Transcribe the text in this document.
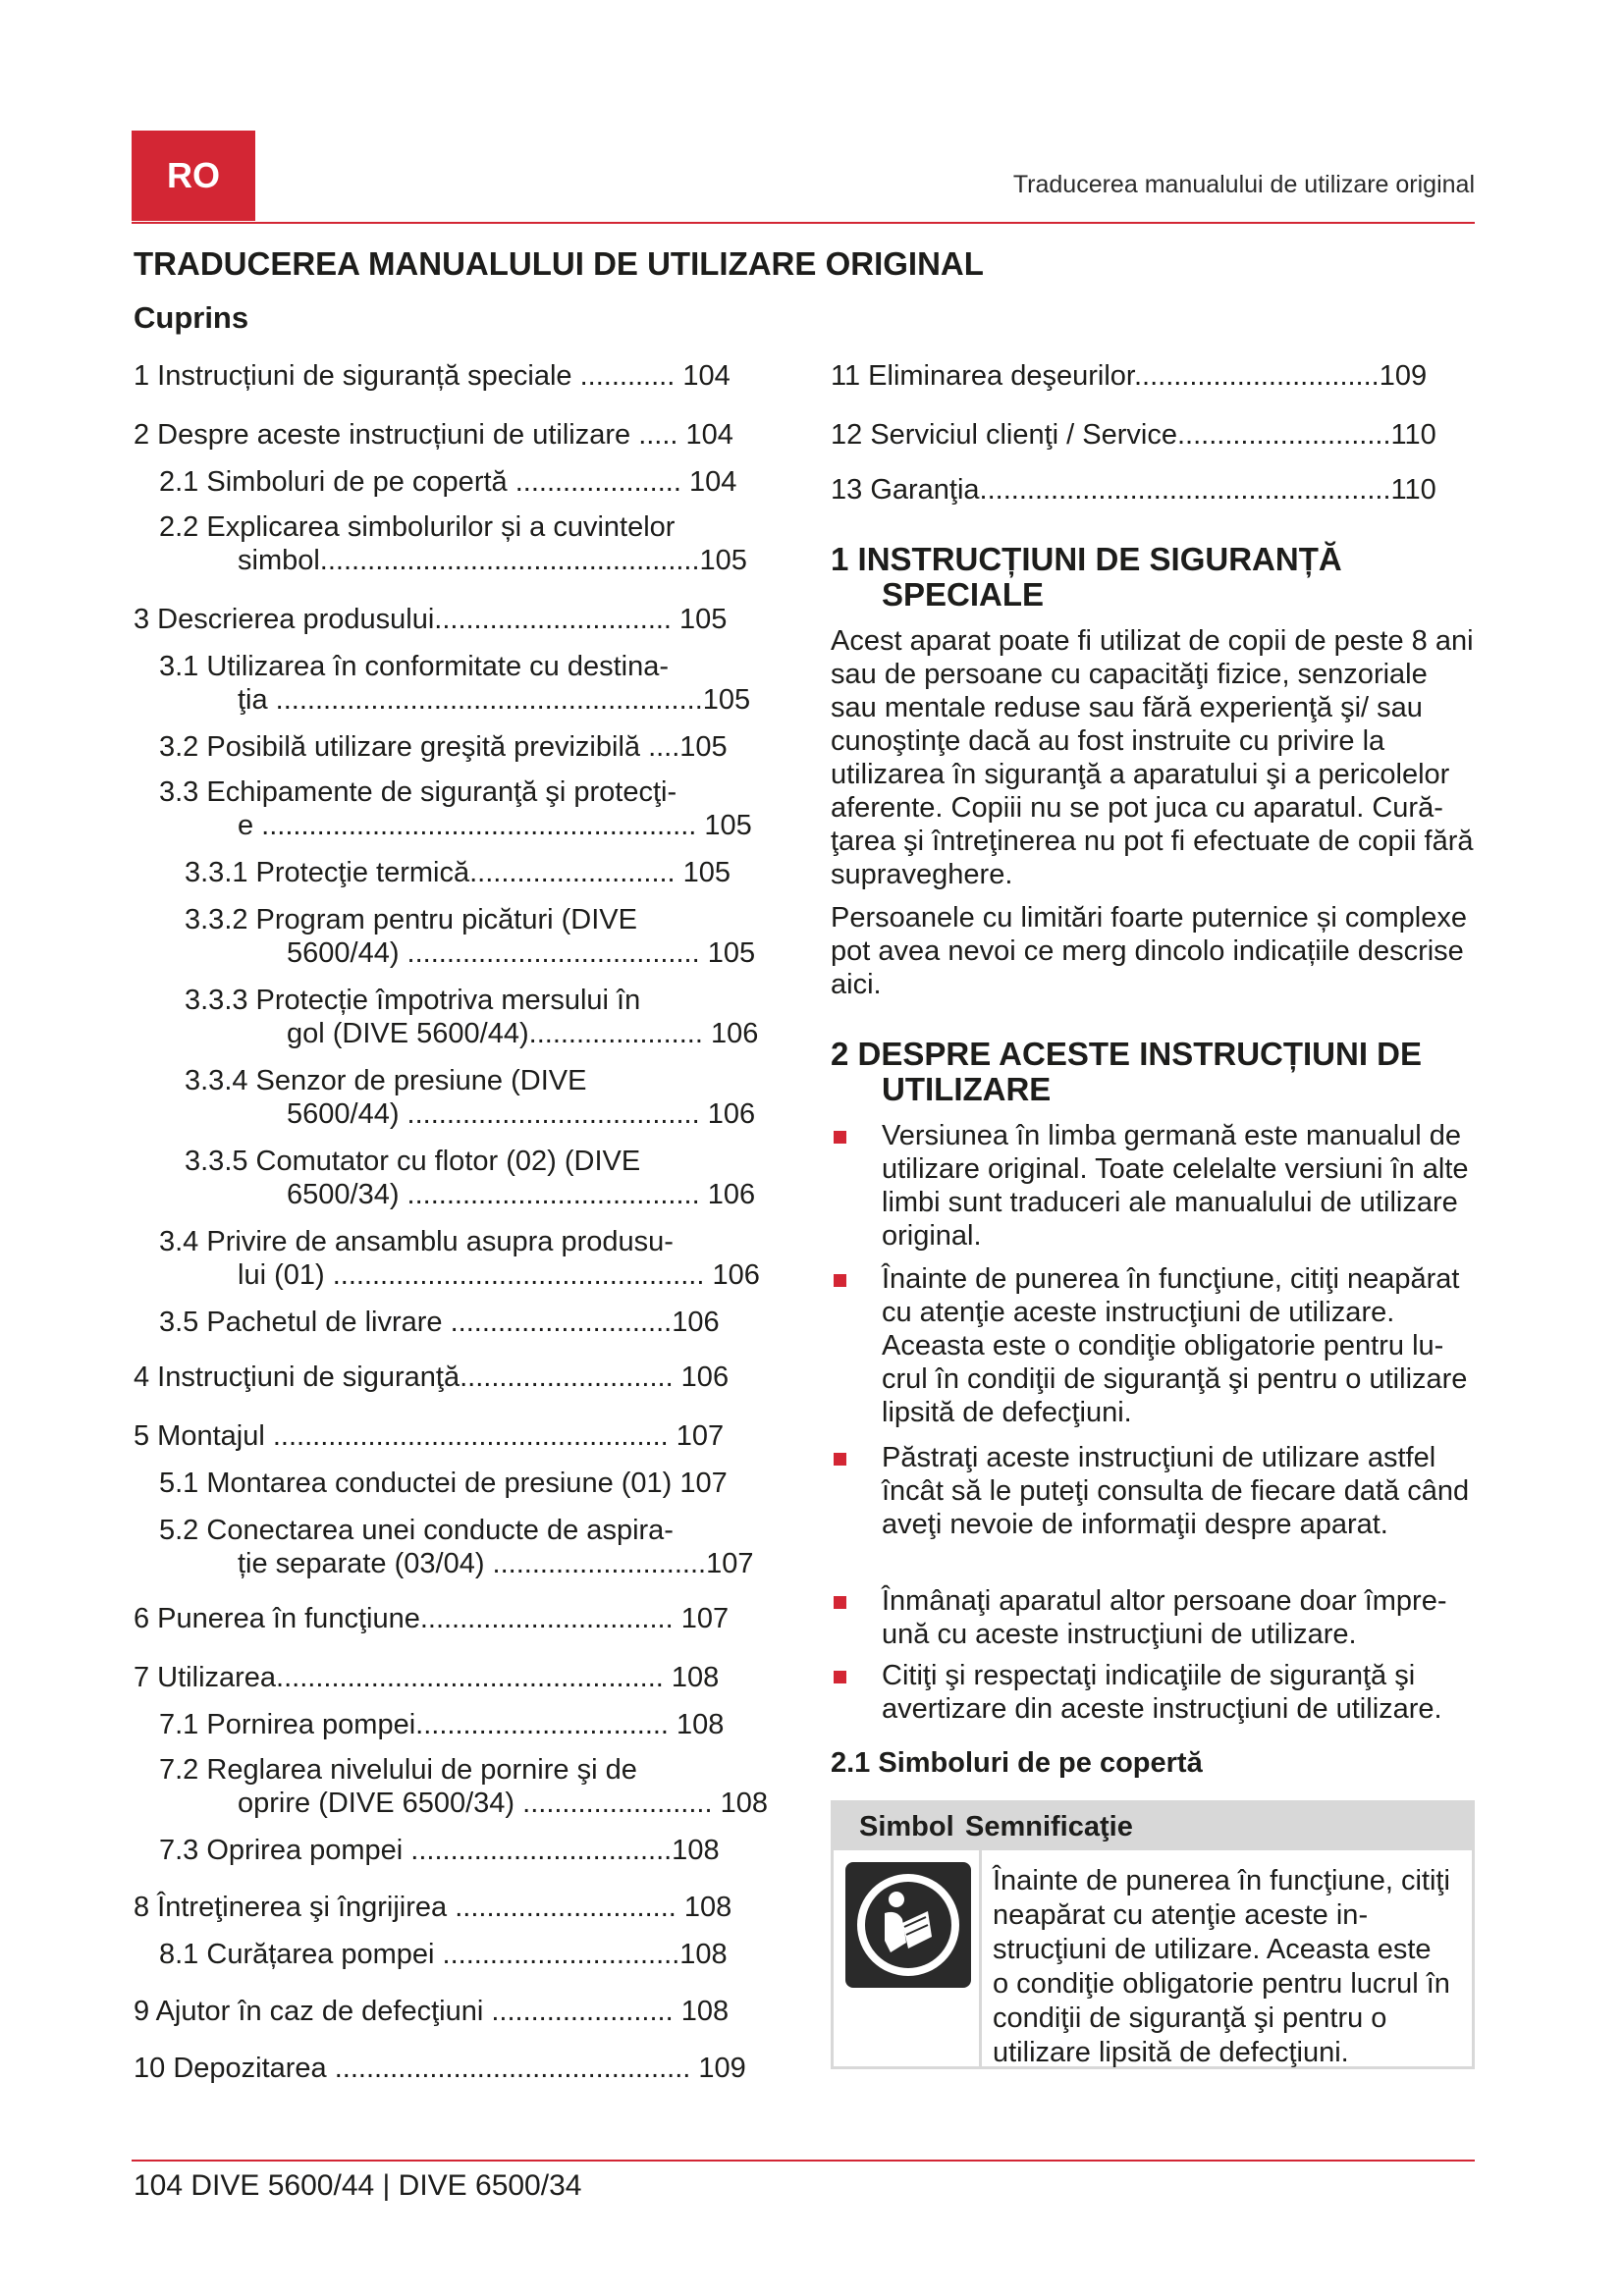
RO	Traducerea manualului de utilizare original
TRADUCEREA MANUALULUI DE UTILIZARE ORIGINAL
Cuprins
1 Instrucțiuni de siguranță speciale ............ 104
2 Despre aceste instrucțiuni de utilizare ..... 104
2.1 Simboluri de pe copertă ..................... 104
2.2 Explicarea simbolurilor și a cuvintelor
simbol................................................105
3 Descrierea produsului.............................. 105
3.1 Utilizarea în conformitate cu destina-
ţia ......................................................105
3.2 Posibilă utilizare greşită previzibilă ....105
3.3 Echipamente de siguranţă şi protecţi-
e ....................................................... 105
3.3.1 Protecţie termică.......................... 105
3.3.2 Program pentru picături (DIVE
5600/44) ..................................... 105
3.3.3 Protecție împotriva mersului în
gol (DIVE 5600/44)...................... 106
3.3.4 Senzor de presiune (DIVE
5600/44) ..................................... 106
3.3.5 Comutator cu flotor (02) (DIVE
6500/34) ..................................... 106
3.4 Privire de ansamblu asupra produsu-
lui (01) ............................................... 106
3.5 Pachetul de livrare ............................106
4 Instrucţiuni de siguranţă........................... 106
5 Montajul .................................................. 107
5.1 Montarea conductei de presiune (01) 107
5.2 Conectarea unei conducte de aspira-
ție separate (03/04) ...........................107
6 Punerea în funcţiune................................ 107
7 Utilizarea................................................. 108
7.1 Pornirea pompei................................ 108
7.2 Reglarea nivelului de pornire şi de
oprire (DIVE 6500/34) ........................ 108
7.3 Oprirea pompei .................................108
8 Întreţinerea şi îngrijirea ............................ 108
8.1 Curățarea pompei ..............................108
9 Ajutor în caz de defecţiuni ....................... 108
10 Depozitarea ............................................. 109
11 Eliminarea deşeurilor...............................109
12 Serviciul clienţi / Service...........................110
13 Garanţia....................................................110
1 INSTRUCȚIUNI DE SIGURANȚĂ
SPECIALE
Acest aparat poate fi utilizat de copii de peste 8 ani sau de persoane cu capacităţi fizice, senzoriale sau mentale reduse sau fără experienţă şi/ sau cunoştinţe dacă au fost instruite cu privire la utilizarea în siguranţă a aparatului şi a pericolelor aferente. Copiii nu se pot juca cu aparatul. Curăţarea şi întreţinerea nu pot fi efectuate de copii fără supraveghere.
Persoanele cu limitări foarte puternice și complexe pot avea nevoi ce merg dincolo indicațiile descrise aici.
2 DESPRE ACESTE INSTRUCȚIUNI DE
UTILIZARE
Versiunea în limba germană este manualul de utilizare original. Toate celelalte versiuni în alte limbi sunt traduceri ale manualului de utilizare original.
Înainte de punerea în funcţiune, citiţi neapărat cu atenţie aceste instrucţiuni de utilizare. Aceasta este o condiţie obligatorie pentru lucrul în condiţii de siguranţă şi pentru o utilizare lipsită de defecţiuni.
Păstraţi aceste instrucţiuni de utilizare astfel încât să le puteţi consulta de fiecare dată când aveţi nevoie de informaţii despre aparat.
Înmânaţi aparatul altor persoane doar împreună cu aceste instrucţiuni de utilizare.
Citiţi şi respectaţi indicaţiile de siguranţă şi avertizare din aceste instrucţiuni de utilizare.
2.1 Simboluri de pe copertă
Simbol Semnificaţie
Înainte de punerea în funcţiune, citiţi neapărat cu atenţie aceste instrucţiuni de utilizare. Aceasta este o condiţie obligatorie pentru lucrul în condiţii de siguranţă şi pentru o utilizare lipsită de defecţiuni.
104 DIVE 5600/44 | DIVE 6500/34
